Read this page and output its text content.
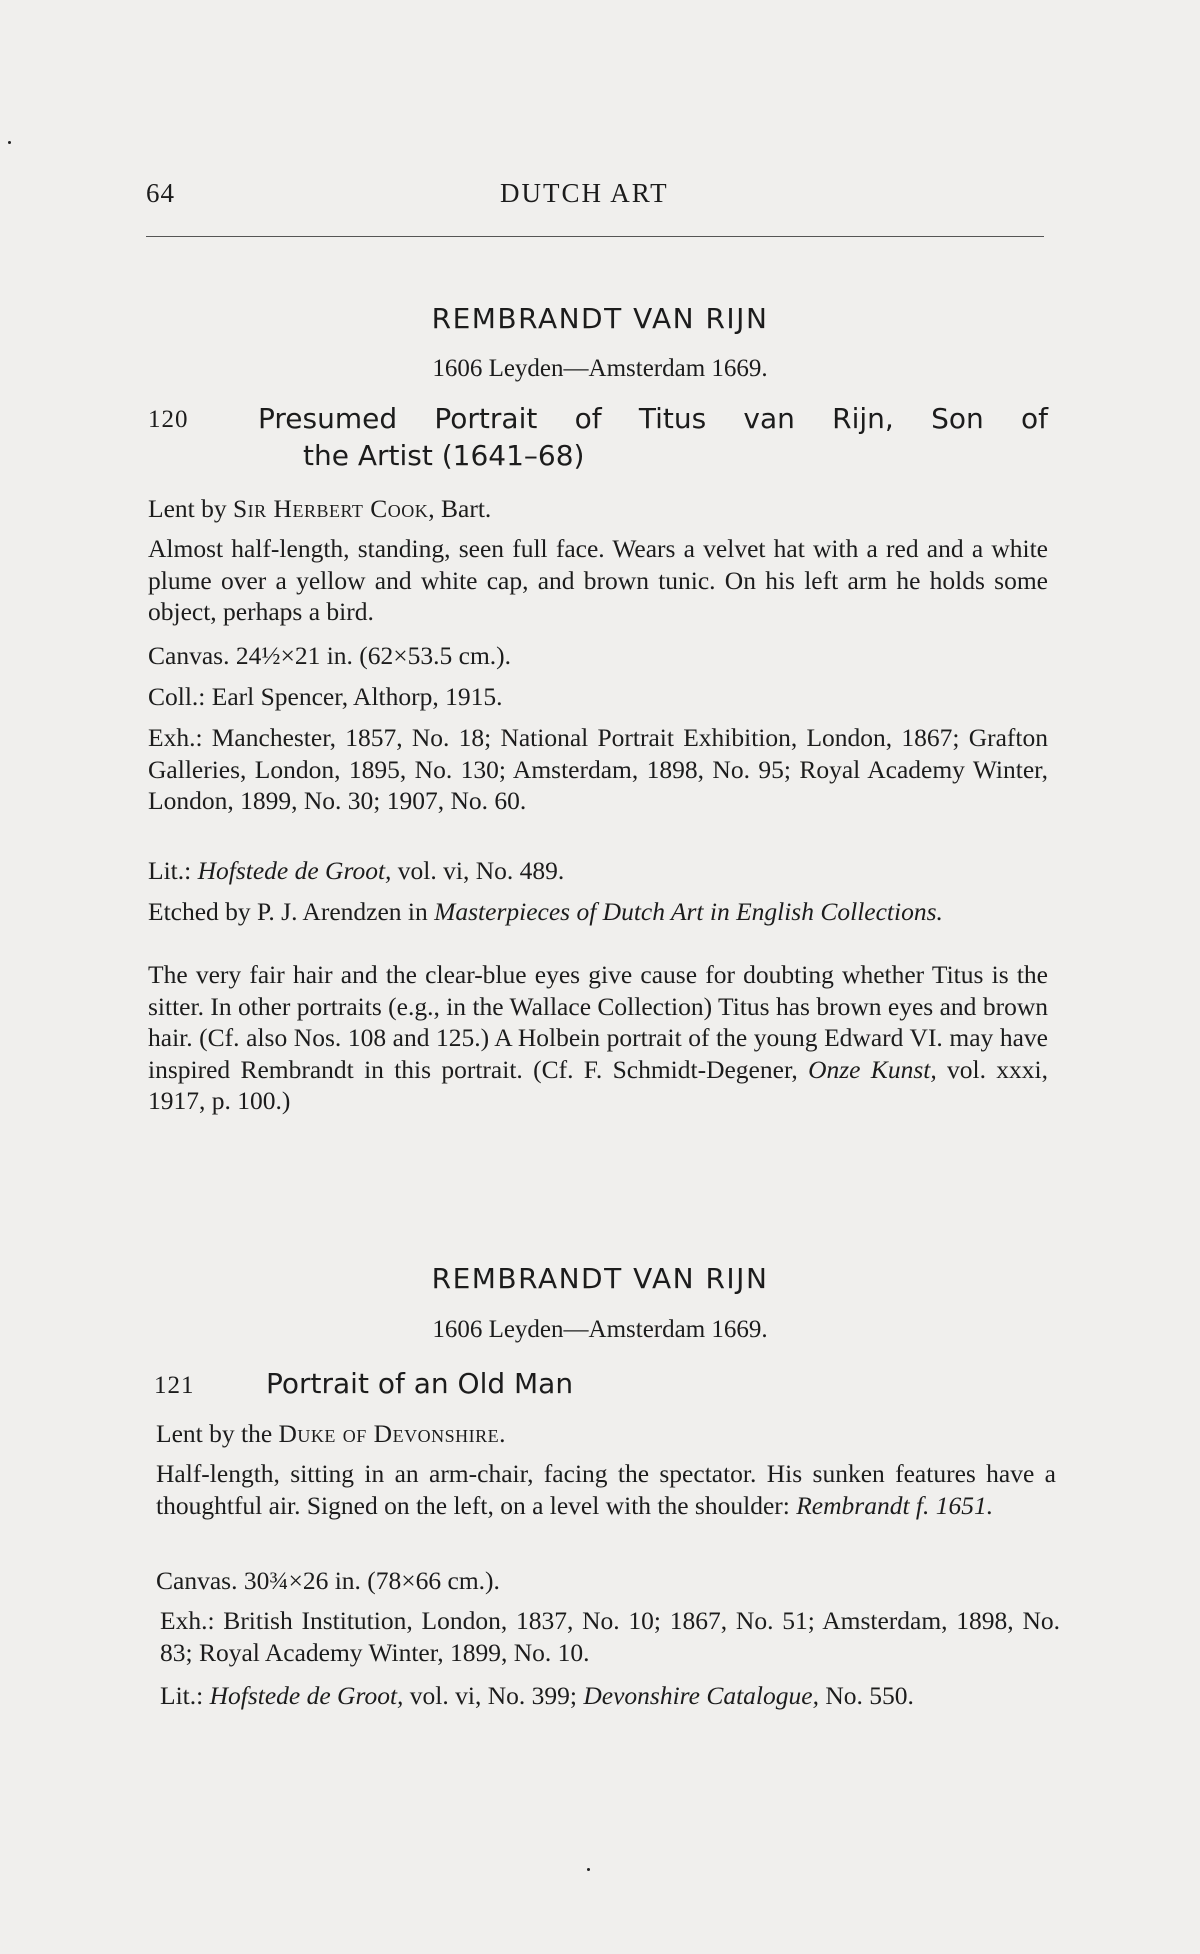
64	DUTCH ART
REMBRANDT VAN RIJN
1606 Leyden—Amsterdam 1669.
120 Presumed Portrait of Titus van Rijn, Son of
the Artist (1641–68)
Lent by Sir Herbert Cook, Bart.
Almost half-length, standing, seen full face. Wears a velvet hat with a red and a white plume over a yellow and white cap, and brown tunic. On his left arm he holds some object, perhaps a bird.
Canvas. 24½×21 in. (62×53.5 cm.).
Coll.: Earl Spencer, Althorp, 1915.
Exh.: Manchester, 1857, No. 18; National Portrait Exhibition, London, 1867; Grafton Galleries, London, 1895, No. 130; Amsterdam, 1898, No. 95; Royal Academy Winter, London, 1899, No. 30; 1907, No. 60.
Lit.: Hofstede de Groot, vol. vi, No. 489.
Etched by P. J. Arendzen in Masterpieces of Dutch Art in English Collections.
The very fair hair and the clear-blue eyes give cause for doubting whether Titus is the sitter. In other portraits (e.g., in the Wallace Collection) Titus has brown eyes and brown hair. (Cf. also Nos. 108 and 125.) A Holbein portrait of the young Edward VI. may have inspired Rembrandt in this portrait. (Cf. F. Schmidt-Degener, Onze Kunst, vol. xxxi, 1917, p. 100.)
REMBRANDT VAN RIJN
1606 Leyden—Amsterdam 1669.
121	Portrait of an Old Man
Lent by the Duke of Devonshire.
Half-length, sitting in an arm-chair, facing the spectator. His sunken features have a thoughtful air. Signed on the left, on a level with the shoulder: Rembrandt f. 1651.
Canvas. 30¾×26 in. (78×66 cm.).
Exh.: British Institution, London, 1837, No. 10; 1867, No. 51; Amsterdam, 1898, No. 83; Royal Academy Winter, 1899, No. 10.
Lit.: Hofstede de Groot, vol. vi, No. 399; Devonshire Catalogue, No. 550.
